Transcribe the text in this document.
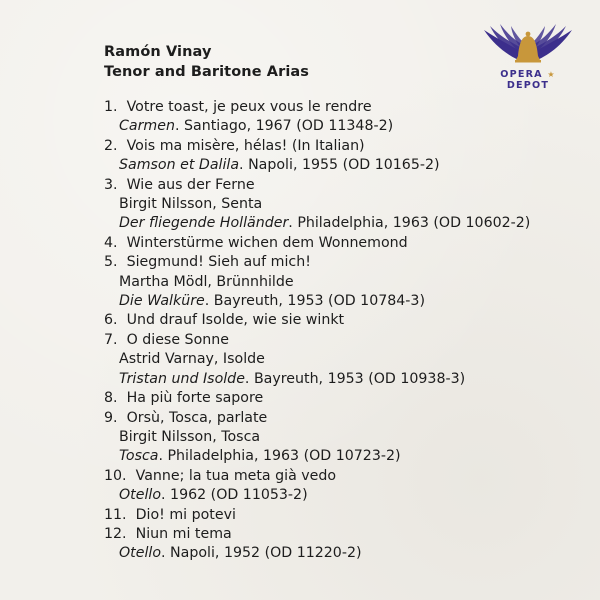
Ramón Vinay
Tenor and Baritone Arias	OPERA ★ DEPOT
1. Votre toast, je peux vous le rendre
Carmen. Santiago, 1967 (OD 11348-2)
2. Vois ma misère, hélas! (In Italian)
Samson et Dalila. Napoli, 1955 (OD 10165-2)
3. Wie aus der Ferne
Birgit Nilsson, Senta
Der fliegende Holländer. Philadelphia, 1963 (OD 10602-2)
4. Winterstürme wichen dem Wonnemond
5. Siegmund! Sieh auf mich!
Martha Mödl, Brünnhilde
Die Walküre. Bayreuth, 1953 (OD 10784-3)
6. Und drauf Isolde, wie sie winkt
7. O diese Sonne
Astrid Varnay, Isolde
Tristan und Isolde. Bayreuth, 1953 (OD 10938-3)
8. Ha più forte sapore
9. Orsù, Tosca, parlate
Birgit Nilsson, Tosca
Tosca. Philadelphia, 1963 (OD 10723-2)
10. Vanne; la tua meta già vedo
Otello. 1962 (OD 11053-2)
11. Dio! mi potevi
12. Niun mi tema
Otello. Napoli, 1952 (OD 11220-2)
